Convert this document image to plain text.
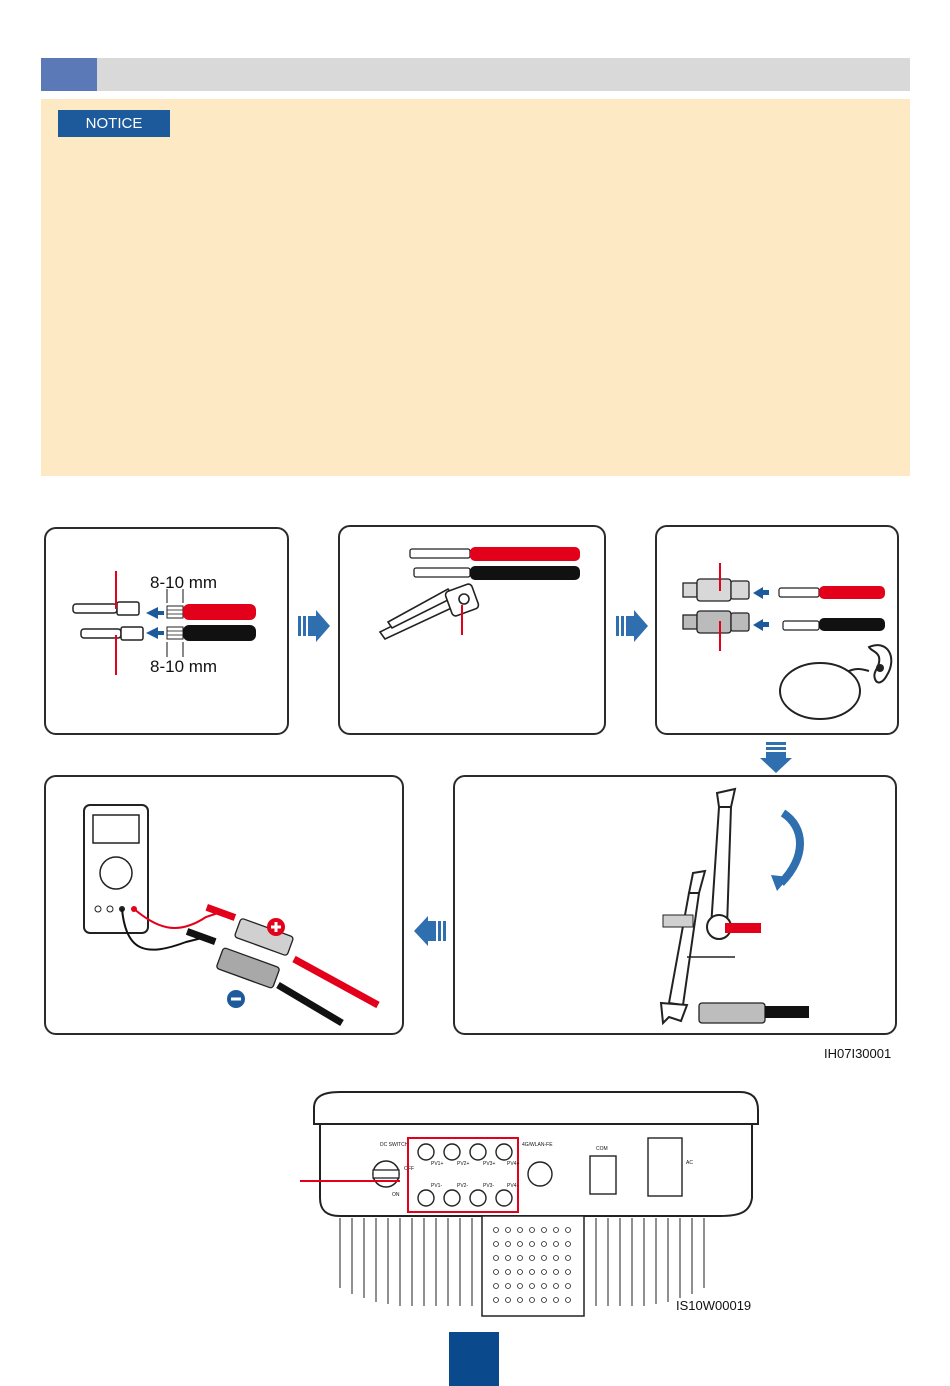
NOTICE
8-10 mm
8-10 mm
IH07I30001
DC SWITCH
OFF
ON
PV1+	PV2+	PV3+ PV4+
PV1-	PV2-	PV3-	PV4-
4G/WLAN-FE
COM
AC
IS10W00019
